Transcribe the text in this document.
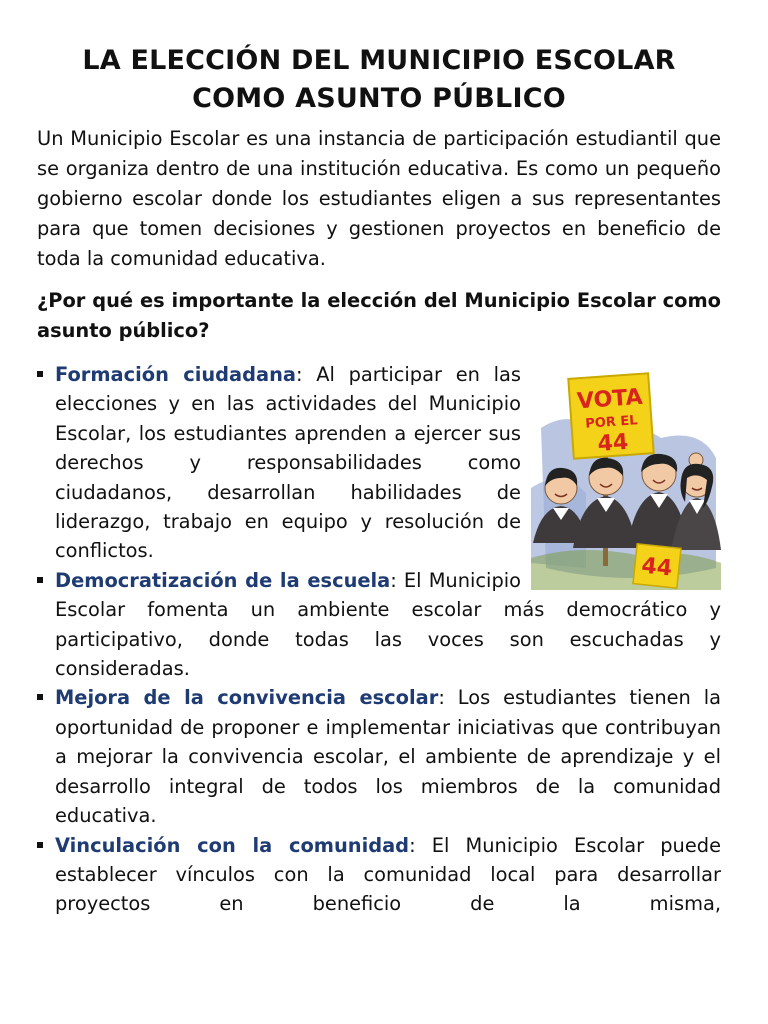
LA ELECCIÓN DEL MUNICIPIO ESCOLAR
COMO ASUNTO PÚBLICO

Un Municipio Escolar es una instancia de participación estudiantil que se organiza dentro de una institución educativa. Es como un pequeño gobierno escolar donde los estudiantes eligen a sus representantes para que tomen decisiones y gestionen proyectos en beneficio de toda la comunidad educativa.

¿Por qué es importante la elección del Municipio Escolar como asunto público?

VOTA
POR EL
44
44
Formación ciudadana: Al participar en las elecciones y en las actividades del Municipio Escolar, los estudiantes aprenden a ejercer sus derechos y responsabilidades como ciudadanos, desarrollan habilidades de liderazgo, trabajo en equipo y resolución de conflictos.
Democratización de la escuela: El Municipio Escolar fomenta un ambiente escolar más democrático y participativo, donde todas las voces son escuchadas y consideradas.
Mejora de la convivencia escolar: Los estudiantes tienen la oportunidad de proponer e implementar iniciativas que contribuyan a mejorar la convivencia escolar, el ambiente de aprendizaje y el desarrollo integral de todos los miembros de la comunidad educativa.
Vinculación con la comunidad: El Municipio Escolar puede establecer vínculos con la comunidad local para desarrollar proyectos en beneficio de la misma,
